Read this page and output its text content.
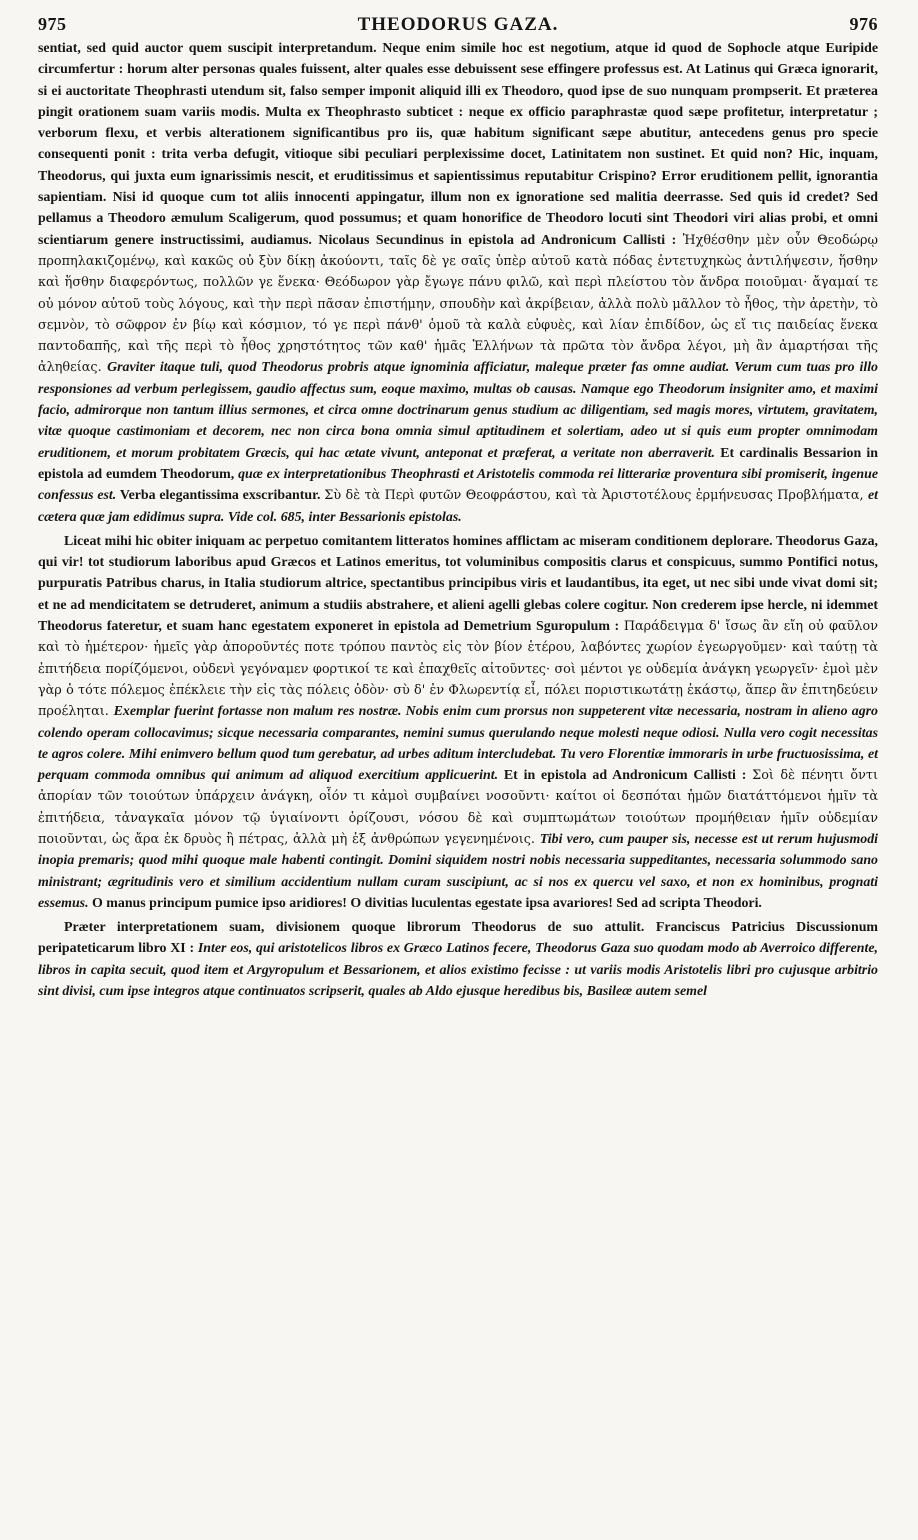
975	THEODORUS GAZA.	976

sentiat, sed quid auctor quem suscipit interpretandum. Neque enim simile hoc est negotium, atque id quod de Sophocle atque Euripide circumfertur : horum alter personas quales fuissent, alter quales esse debuissent sese effingere professus est. At Latinus qui Græca ignorarit, si ei auctoritate Theophrasti utendum sit, falso semper imponit aliquid illi ex Theodoro, quod ipse de suo nunquam prompserit. Et præterea pingit orationem suam variis modis. Multa ex Theophrasto subticet : neque ex officio paraphrastæ quod sæpe profitetur, interpretatur ; verborum flexu, et verbis alterationem significantibus pro iis, quæ habitum significant sæpe abutitur, antecedens genus pro specie consequenti ponit : trita verba defugit, vitioque sibi peculiari perplexissime docet, Latinitatem non sustinet. Et quid non? Hic, inquam, Theodorus, qui juxta eum ignarissimis nescit, et eruditissimus et sapientissimus reputabitur Crispino? Error eruditionem pellit, ignorantia sapientiam. Nisi id quoque cum tot aliis innocenti appingatur, illum non ex ignoratione sed malitia deerrasse. Sed quis id credet? Sed pellamus a Theodoro æmulum Scaligerum, quod possumus; et quam honorifice de Theodoro locuti sint Theodori viri alias probi, et omni scientiarum genere instructissimi, audiamus. Nicolaus Secundinus in epistola ad Andronicum Callisti : Ἠχθέσθην μὲν οὖν Θεοδώρῳ προπηλακιζομένῳ, καὶ κακῶς οὐ ξὺν δίκῃ ἀκούοντι, ταῖς δὲ γε σαῖς ὑπὲρ αὐτοῦ κατὰ πόδας ἐντετυχηκὼς ἀντιλήψεσιν, ἥσθην καὶ ἥσθην διαφερόντως, πολλῶν γε ἕνεκα· Θεόδωρον γὰρ ἔγωγε πάνυ φιλῶ, καὶ περὶ πλείστου τὸν ἄνδρα ποιοῦμαι· ἄγαμαί τε οὐ μόνον αὐτοῦ τοὺς λόγους, καὶ τὴν περὶ πᾶσαν ἐπιστήμην, σπουδὴν καὶ ἀκρίβειαν, ἀλλὰ πολὺ μᾶλλον τὸ ἦθος, τὴν ἀρετὴν, τὸ σεμνὸν, τὸ σῶφρον ἐν βίῳ καὶ κόσμιον, τό γε περὶ πάνθ' ὁμοῦ τὰ καλὰ εὐφυὲς, καὶ λίαν ἐπιδίδον, ὡς εἴ τις παιδείας ἕνεκα παντοδαπῆς, καὶ τῆς περὶ τὸ ἦθος χρηστότητος τῶν καθ' ἡμᾶς Ἑλλήνων τὰ πρῶτα τὸν ἄνδρα λέγοι, μὴ ἂν ἁμαρτήσαι τῆς ἀληθείας. Graviter itaque tuli, quod Theodorus probris atque ignominia afficiatur, maleque præter fas omne audiat. Verum cum tuas pro illo responsiones ad verbum perlegissem, gaudio affectus sum, eoque maximo, multas ob causas. Namque ego Theodorum insigniter amo, et maximi facio, admirorque non tantum illius sermones, et circa omne doctrinarum genus studium ac diligentiam, sed magis mores, virtutem, gravitatem, vitæ quoque castimoniam et decorem, nec non circa bona omnia simul aptitudinem et solertiam, adeo ut si quis eum propter omnimodam eruditionem, et morum probitatem Græcis, qui hac ætate vivunt, anteponat et præferat, a veritate non aberraverit. Et cardinalis Bessarion in epistola ad eumdem Theodorum, quæ ex interpretationibus Theophrasti et Aristotelis commoda rei litterariæ proventura sibi promiserit, ingenue confessus est. Verba elegantissima exscribantur. Σὺ δὲ τὰ Περὶ φυτῶν Θεοφράστου, καὶ τὰ Ἀριστοτέλους ἑρμήνευσας Προβλήματα, et cætera quæ jam edidimus supra. Vide col. 685, inter Bessarionis epistolas.

Liceat mihi hic obiter iniquam ac perpetuo comitantem litteratos homines afflictam ac miseram conditionem deplorare. Theodorus Gaza, qui vir! tot studiorum laboribus apud Græcos et Latinos emeritus, tot voluminibus compositis clarus et conspicuus, summo Pontifici notus, purpuratis Patribus charus, in Italia studiorum altrice, spectantibus principibus viris et laudantibus, ita eget, ut nec sibi unde vivat domi sit; et ne ad mendicitatem se detruderet, animum a studiis abstrahere, et alieni agelli glebas colere cogitur. Non crederem ipse hercle, ni idemmet Theodorus fateretur, et suam hanc egestatem exponeret in epistola ad Demetrium Sguropulum : Παράδειγμα δ' ἴσως ἂν εἴη οὐ φαῦλον καὶ τὸ ἡμέτερον· ἡμεῖς γὰρ ἀποροῦντές ποτε τρόπου παντὸς εἰς τὸν βίον ἑτέρου, λαβόντες χωρίον ἐγεωργοῦμεν· καὶ ταύτῃ τὰ ἐπιτήδεια πορίζόμενοι, οὐδενὶ γεγόναμεν φορτικοί τε καὶ ἐπαχθεῖς αἰτοῦντες· σοὶ μέντοι γε οὐδεμία ἀνάγκη γεωργεῖν· ἐμοὶ μὲν γὰρ ὁ τότε πόλεμος ἐπέκλειε τὴν εἰς τὰς πόλεις ὁδὸν· σὺ δ' ἐν Φλωρεντίᾳ εἶ, πόλει ποριστικωτάτῃ ἑκάστῳ, ἅπερ ἂν ἐπιτηδεύειν προέληται. Exemplar fuerint fortasse non malum res nostræ. Nobis enim cum prorsus non suppeterent vitæ necessaria, nostram in alieno agro colendo operam collocavimus; sicque necessaria comparantes, nemini sumus querulando neque molesti neque odiosi. Nulla vero cogit necessitas te agros colere. Mihi enimvero bellum quod tum gerebatur, ad urbes aditum intercludebat. Tu vero Florentiæ immoraris in urbe fructuosissima, et perquam commoda omnibus qui animum ad aliquod exercitium applicuerint. Et in epistola ad Andronicum Callisti : Σοὶ δὲ πένητι ὄντι ἀπορίαν τῶν τοιούτων ὑπάρχειν ἀνάγκη, οἷόν τι κἀμοὶ συμβαίνει νοσοῦντι· καίτοι οἱ δεσπόται ἡμῶν διατάττόμενοι ἡμῖν τὰ ἐπιτήδεια, τἀναγκαῖα μόνον τῷ ὑγιαίνοντι ὁρίζουσι, νόσου δὲ καὶ συμπτωμάτων τοιούτων προμήθειαν ἡμῖν οὐδεμίαν ποιοῦνται, ὡς ἄρα ἐκ δρυὸς ἢ πέτρας, ἀλλὰ μὴ ἐξ ἀνθρώπων γεγενημένοις. Tibi vero, cum pauper sis, necesse est ut rerum hujusmodi inopia premaris; quod mihi quoque male habenti contingit. Domini siquidem nostri nobis necessaria suppeditantes, necessaria solummodo sano ministrant; ægritudinis vero et similium accidentium nullam curam suscipiunt, ac si nos ex quercu vel saxo, et non ex hominibus, prognati essemus. O manus principum pumice ipso aridiores! O divitias luculentas egestate ipsa avariores! Sed ad scripta Theodori.

Præter interpretationem suam, divisionem quoque librorum Theodorus de suo attulit. Franciscus Patricius Discussionum peripateticarum libro XI : Inter eos, qui aristotelicos libros ex Græco Latinos fecere, Theodorus Gaza suo quodam modo ab Averroico differente, libros in capita secuit, quod item et Argyropulum et Bessarionem, et alios existimo fecisse : ut variis modis Aristotelis libri pro cujusque arbitrio sint divisi, cum ipse integros atque continuatos scripserit, quales ab Aldo ejusque heredibus bis, Basileæ autem semel
